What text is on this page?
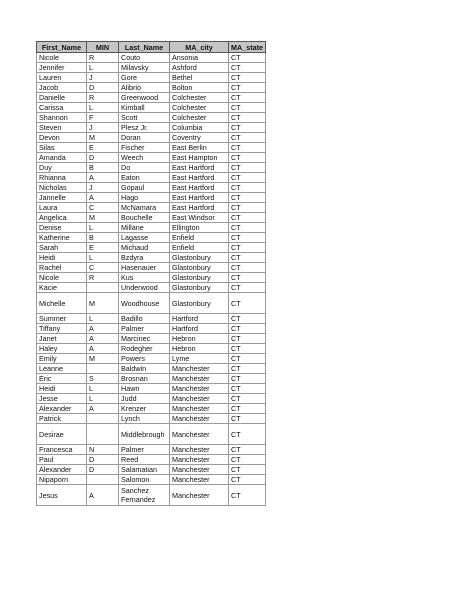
First_Name	MIN	Last_Name	MA_city	MA_state
Nicole	R	Couto	Ansonia	CT
Jennifer	L	Milavsky	Ashford	CT
Lauren	J	Gore	Bethel	CT
Jacob	D	Alibrio	Bolton	CT
Danielle	R	Greenwood	Colchester	CT
Carissa	L	Kimball	Colchester	CT
Shannon	F	Scott	Colchester	CT
Steven	J	Plesz Jr.	Columbia	CT
Devon	M	Doran	Coventry	CT
Silas	E	Fischer	East Berlin	CT
Amanda	D	Weech	East Hampton	CT
Duy	B	Do	East Hartford	CT
Rhianna	A	Eaton	East Hartford	CT
Nicholas	J	Gopaul	East Hartford	CT
Jannelle	A	Hago	East Hartford	CT
Laura	C	McNamara	East Hartford	CT
Angelica	M	Bouchelle	East Windsor	CT
Denise	L	Millane	Ellington	CT
Katherine	B	Lagasse	Enfield	CT
Sarah	E	Michaud	Enfield	CT
Heidi	L	Bzdyra	Glastonbury	CT
Rachel	C	Hasenauer	Glastonbury	CT
Nicole	R	Kus	Glastonbury	CT
Kacie		Underwood	Glastonbury	CT
Michelle	M	Woodhouse	Glastonbury	CT
Summer	L	Badillo	Hartford	CT
Tiffany	A	Palmer	Hartford	CT
Janet	A	Marcinec	Hebron	CT
Haley	A	Rodegher	Hebron	CT
Emily	M	Powers	Lyme	CT
Leanne		Baldwin	Manchester	CT
Eric	S	Brosnan	Manchester	CT
Heidi	L	Hawn	Manchester	CT
Jesse	L	Judd	Manchester	CT
Alexander	A	Krenzer	Manchester	CT
Patrick		Lynch	Manchester	CT
Desirae		Middlebrough	Manchester	CT
Francesca	N	Palmer	Manchester	CT
Paul	D	Reed	Manchester	CT
Alexander	D	Salamatian	Manchester	CT
Nipaporn		Salomon	Manchester	CT
Jesus	A	Sanchez Fernandez	Manchester	CT
